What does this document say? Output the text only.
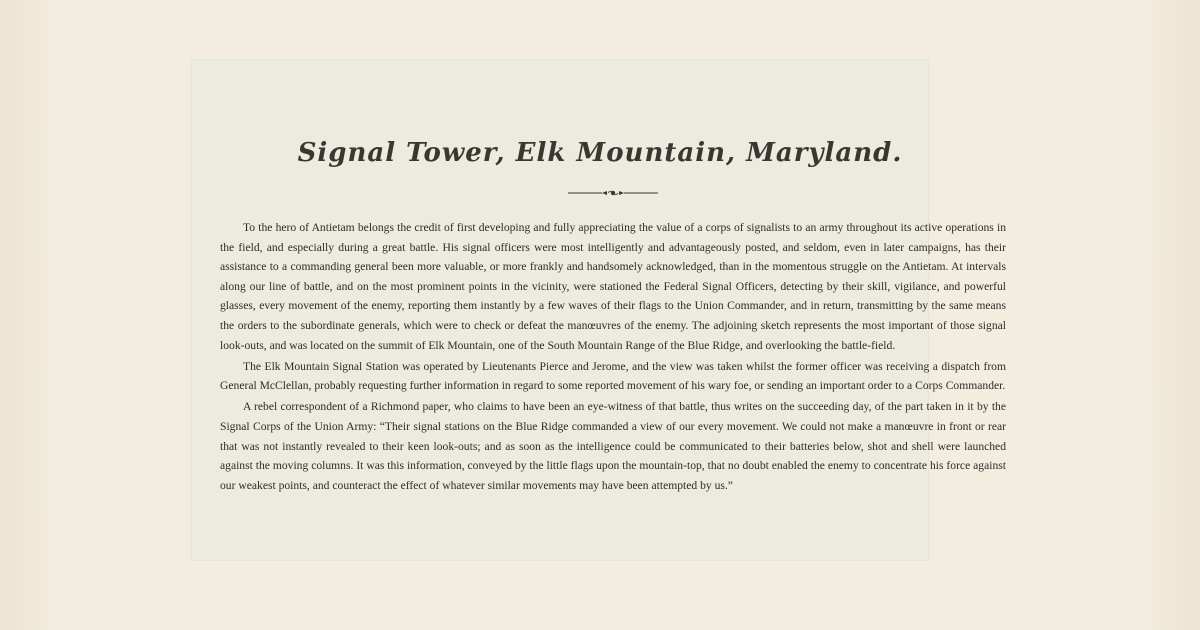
Signal Tower, Elk Mountain, Maryland.

To the hero of Antietam belongs the credit of first developing and fully appreciating the value of a corps of signalists to an army throughout its active operations in the field, and especially during a great battle. His signal officers were most intelligently and advantageously posted, and seldom, even in later campaigns, has their assistance to a commanding general been more valuable, or more frankly and handsomely acknowledged, than in the momentous struggle on the Antietam. At intervals along our line of battle, and on the most prominent points in the vicinity, were stationed the Federal Signal Officers, detecting by their skill, vigilance, and powerful glasses, every movement of the enemy, reporting them instantly by a few waves of their flags to the Union Commander, and in return, transmitting by the same means the orders to the subordinate generals, which were to check or defeat the manœuvres of the enemy. The adjoining sketch represents the most important of those signal look-outs, and was located on the summit of Elk Mountain, one of the South Mountain Range of the Blue Ridge, and overlooking the battle-field.

The Elk Mountain Signal Station was operated by Lieutenants Pierce and Jerome, and the view was taken whilst the former officer was receiving a dispatch from General McClellan, probably requesting further information in regard to some reported movement of his wary foe, or sending an important order to a Corps Commander.

A rebel correspondent of a Richmond paper, who claims to have been an eye-witness of that battle, thus writes on the succeeding day, of the part taken in it by the Signal Corps of the Union Army: “Their signal stations on the Blue Ridge commanded a view of our every movement. We could not make a manœuvre in front or rear that was not instantly revealed to their keen look-outs; and as soon as the intelligence could be communicated to their batteries below, shot and shell were launched against the moving columns. It was this information, conveyed by the little flags upon the mountain-top, that no doubt enabled the enemy to concentrate his force against our weakest points, and counteract the effect of whatever similar movements may have been attempted by us.”
